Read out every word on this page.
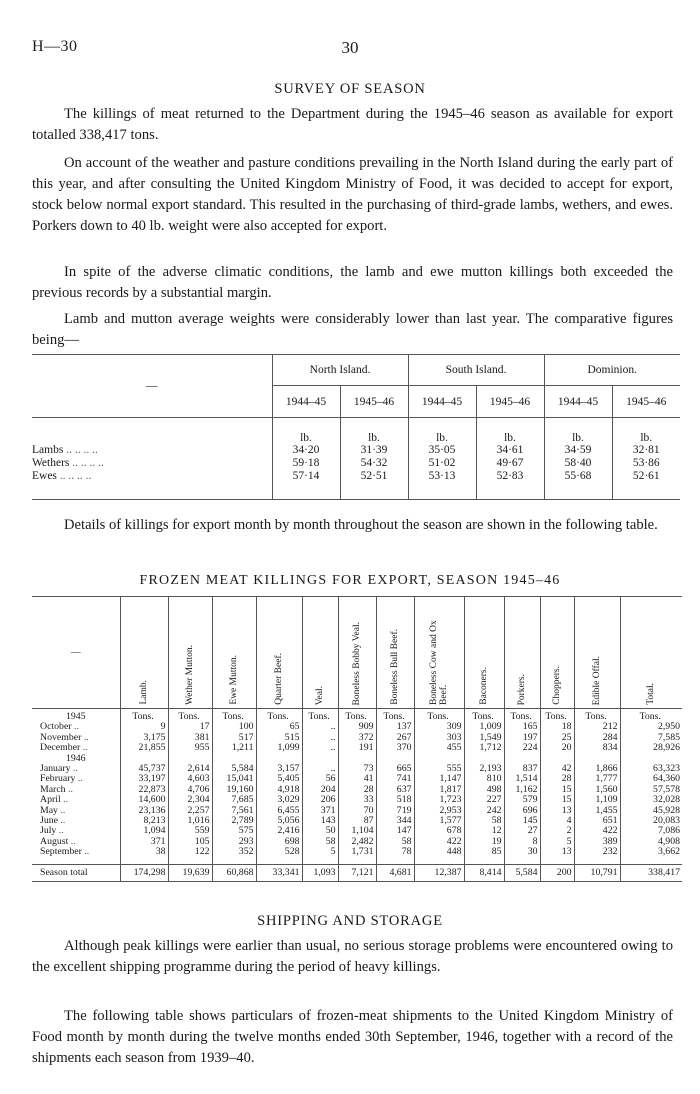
H—30	30
SURVEY OF SEASON

The killings of meat returned to the Department during the 1945–46 season as available for export totalled 338,417 tons.

On account of the weather and pasture conditions prevailing in the North Island during the early part of this year, and after consulting the United Kingdom Ministry of Food, it was decided to accept for export, stock below normal export standard. This resulted in the purchasing of third-grade lambs, wethers, and ewes. Porkers down to 40 lb. weight were also accepted for export.

In spite of the adverse climatic conditions, the lamb and ewe mutton killings both exceeded the previous records by a substantial margin.

Lamb and mutton average weights were considerably lower than last year. The comparative figures being—

—	North Island.		South Island.		Dominion.	
	1944–45	1945–46	1944–45	1945–46	1944–45	1945–46
	lb.	lb.	lb.	lb.	lb.	lb.
Lambs .. .. .. ..	34·20	31·39	35·05	34·61	34·59	32·81
Wethers .. .. .. ..	59·18	54·32	51·02	49·67	58·40	53·86
Ewes .. .. .. ..	57·14	52·51	53·13	52·83	55·68	52·61

Details of killings for export month by month throughout the season are shown in the following table.

FROZEN MEAT KILLINGS FOR EXPORT, SEASON 1945–46
—	Lamb.	Wether Mutton.	Ewe Mutton.	Quarter Beef.	Veal.	Boneless Bobby Veal.	Boneless Bull Beef.	Boneless Cow and Ox Beef.	Baconers.	Porkers.	Choppers.	Edible Offal.	Total.
1945	Tons.	Tons.	Tons.	Tons.	Tons.	Tons.	Tons.	Tons.	Tons.	Tons.	Tons.	Tons.	Tons.
October ..	9	17	100	65	..	909	137	309	1,009	165	18	212	2,950
November ..	3,175	381	517	515	..	372	267	303	1,549	197	25	284	7,585
December ..	21,855	955	1,211	1,099	..	191	370	455	1,712	224	20	834	28,926
1946													
January ..	45,737	2,614	5,584	3,157	..	73	665	555	2,193	837	42	1,866	63,323
February ..	33,197	4,603	15,041	5,405	56	41	741	1,147	810	1,514	28	1,777	64,360
March ..	22,873	4,706	19,160	4,918	204	28	637	1,817	498	1,162	15	1,560	57,578
April ..	14,600	2,304	7,685	3,029	206	33	518	1,723	227	579	15	1,109	32,028
May ..	23,136	2,257	7,561	6,455	371	70	719	2,953	242	696	13	1,455	45,928
June ..	8,213	1,016	2,789	5,056	143	87	344	1,577	58	145	4	651	20,083
July ..	1,094	559	575	2,416	50	1,104	147	678	12	27	2	422	7,086
August ..	371	105	293	698	58	2,482	58	422	19	8	5	389	4,908
September ..	38	122	352	528	5	1,731	78	448	85	30	13	232	3,662

Season total	174,298	19,639	60,868	33,341	1,093	7,121	4,681	12,387	8,414	5,584	200	10,791	338,417
SHIPPING AND STORAGE

Although peak killings were earlier than usual, no serious storage problems were encountered owing to the excellent shipping programme during the period of heavy killings.

The following table shows particulars of frozen-meat shipments to the United Kingdom Ministry of Food month by month during the twelve months ended 30th September, 1946, together with a record of the shipments each season from 1939–40.
